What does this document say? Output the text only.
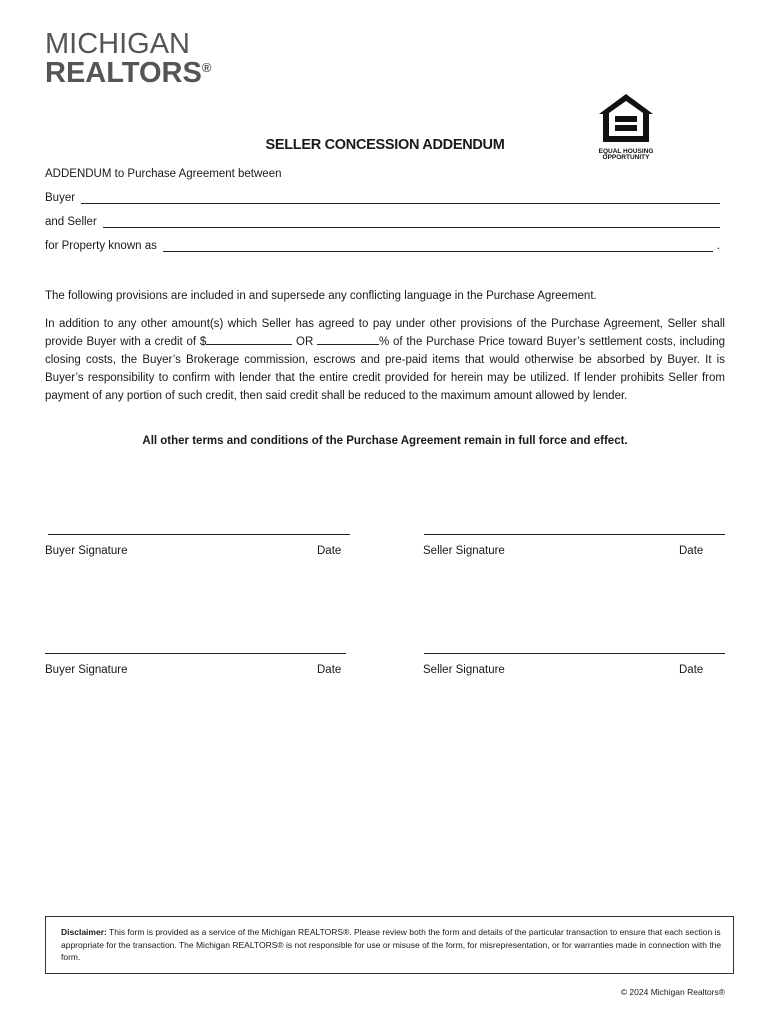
MICHIGAN
REALTORS®
EQUAL HOUSING
OPPORTUNITY
SELLER CONCESSION ADDENDUM
ADDENDUM to Purchase Agreement between
Buyer
and Seller
for Property known as	.
The following provisions are included in and supersede any conflicting language in the Purchase Agreement.
In addition to any other amount(s) which Seller has agreed to pay under other provisions of the Purchase Agreement, Seller shall provide Buyer with a credit of $	OR	% of the Purchase Price toward Buyer’s settlement costs, including closing costs, the Buyer’s Brokerage commission, escrows and pre-paid items that would otherwise be absorbed by Buyer. It is Buyer’s responsibility to confirm with lender that the entire credit provided for herein may be utilized. If lender prohibits Seller from payment of any portion of such credit, then said credit shall be reduced to the maximum amount allowed by lender.
All other terms and conditions of the Purchase Agreement remain in full force and effect.
Buyer Signature	Date	Seller Signature	Date
Buyer Signature	Date	Seller Signature	Date
Disclaimer: This form is provided as a service of the Michigan REALTORS®. Please review both the form and details of the particular transaction to ensure that each section is appropriate for the transaction. The Michigan REALTORS® is not responsible for use or misuse of the form, for misrepresentation, or for warranties made in connection with the form.
© 2024 Michigan Realtors®
